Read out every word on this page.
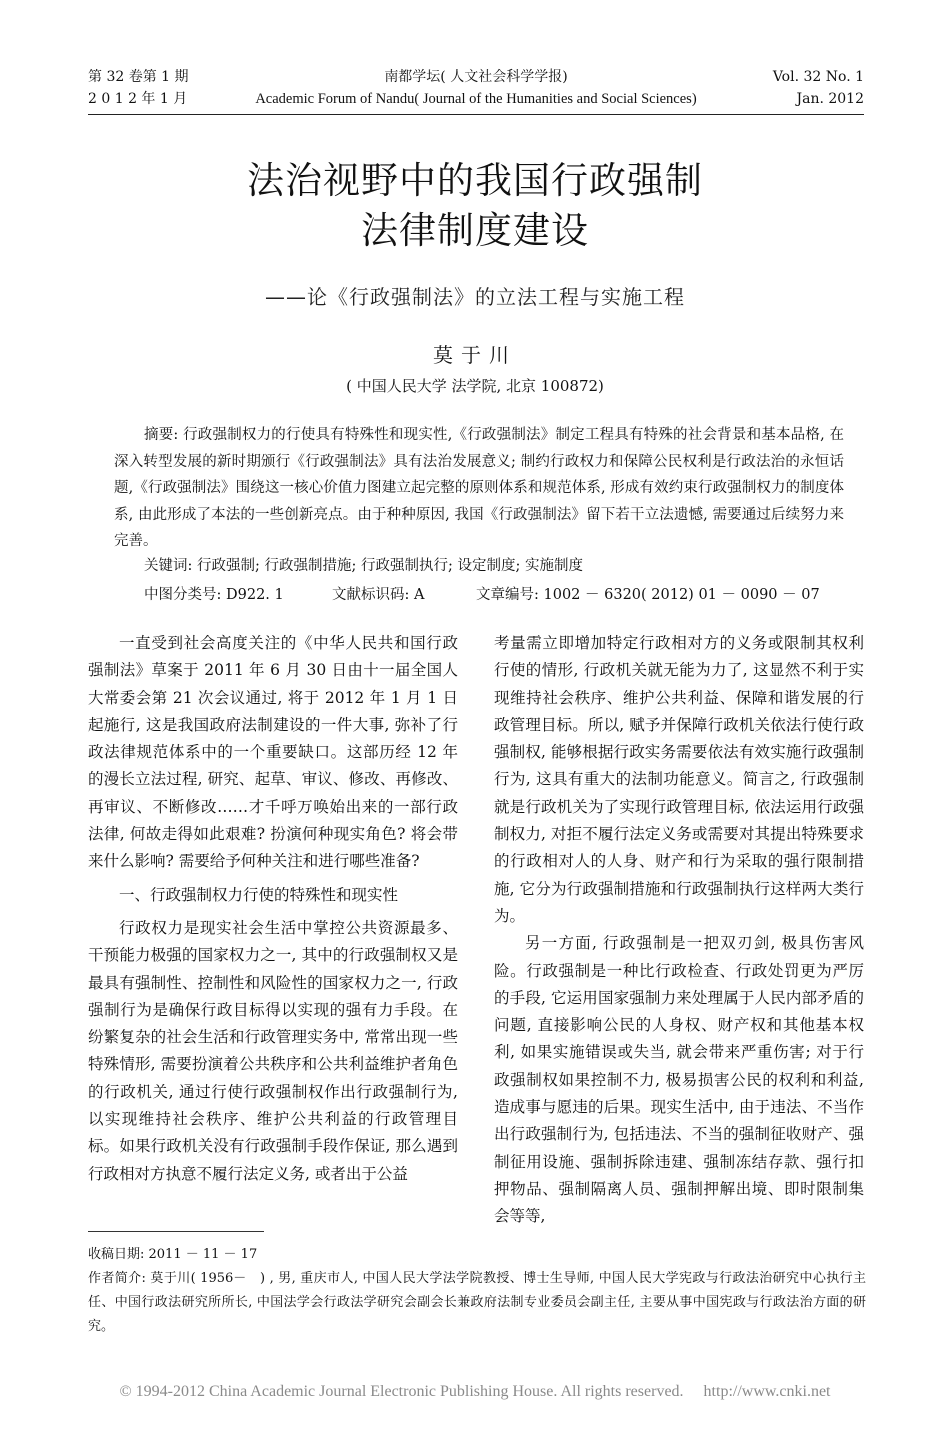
第 32 卷第 1 期	南都学坛( 人文社会科学学报)	Vol. 32 No. 1
2 0 1 2 年 1 月	Academic Forum of Nandu( Journal of the Humanities and Social Sciences)	Jan. 2012
法治视野中的我国行政强制
法律制度建设
——论《行政强制法》的立法工程与实施工程
莫于川
( 中国人民大学 法学院, 北京 100872)
摘要: 行政强制权力的行使具有特殊性和现实性,《行政强制法》制定工程具有特殊的社会背景和基本品格, 在深入转型发展的新时期颁行《行政强制法》具有法治发展意义; 制约行政权力和保障公民权利是行政法治的永恒话题,《行政强制法》围绕这一核心价值力图建立起完整的原则体系和规范体系, 形成有效约束行政强制权力的制度体系, 由此形成了本法的一些创新亮点。由于种种原因, 我国《行政强制法》留下若干立法遗憾, 需要通过后续努力来完善。
关键词: 行政强制; 行政强制措施; 行政强制执行; 设定制度; 实施制度
中图分类号: D922. 1	文献标识码: A	文章编号: 1002 － 6320( 2012) 01 － 0090 － 07

一直受到社会高度关注的《中华人民共和国行政强制法》草案于 2011 年 6 月 30 日由十一届全国人大常委会第 21 次会议通过, 将于 2012 年 1 月 1 日起施行, 这是我国政府法制建设的一件大事, 弥补了行政法律规范体系中的一个重要缺口。这部历经 12 年的漫长立法过程, 研究、起草、审议、修改、再修改、再审议、不断修改……才千呼万唤始出来的一部行政法律, 何故走得如此艰难? 扮演何种现实角色? 将会带来什么影响? 需要给予何种关注和进行哪些准备?

一、行政强制权力行使的特殊性和现实性

行政权力是现实社会生活中掌控公共资源最多、干预能力极强的国家权力之一, 其中的行政强制权又是最具有强制性、控制性和风险性的国家权力之一, 行政强制行为是确保行政目标得以实现的强有力手段。在纷繁复杂的社会生活和行政管理实务中, 常常出现一些特殊情形, 需要扮演着公共秩序和公共利益维护者角色的行政机关, 通过行使行政强制权作出行政强制行为, 以实现维持社会秩序、维护公共利益的行政管理目标。如果行政机关没有行政强制手段作保证, 那么遇到行政相对方执意不履行法定义务, 或者出于公益

考量需立即增加特定行政相对方的义务或限制其权利行使的情形, 行政机关就无能为力了, 这显然不利于实现维持社会秩序、维护公共利益、保障和谐发展的行政管理目标。所以, 赋予并保障行政机关依法行使行政强制权, 能够根据行政实务需要依法有效实施行政强制行为, 这具有重大的法制功能意义。简言之, 行政强制就是行政机关为了实现行政管理目标, 依法运用行政强制权力, 对拒不履行法定义务或需要对其提出特殊要求的行政相对人的人身、财产和行为采取的强行限制措施, 它分为行政强制措施和行政强制执行这样两大类行为。

另一方面, 行政强制是一把双刃剑, 极具伤害风险。行政强制是一种比行政检查、行政处罚更为严厉的手段, 它运用国家强制力来处理属于人民内部矛盾的问题, 直接影响公民的人身权、财产权和其他基本权利, 如果实施错误或失当, 就会带来严重伤害; 对于行政强制权如果控制不力, 极易损害公民的权利和利益, 造成事与愿违的后果。现实生活中, 由于违法、不当作出行政强制行为, 包括违法、不当的强制征收财产、强制征用设施、强制拆除违建、强制冻结存款、强行扣押物品、强制隔离人员、强制押解出境、即时限制集会等等,

收稿日期: 2011 － 11 － 17
作者简介: 莫于川( 1956－　) , 男, 重庆市人, 中国人民大学法学院教授、博士生导师, 中国人民大学宪政与行政法治研究中心执行主任、中国行政法研究所所长, 中国法学会行政法学研究会副会长兼政府法制专业委员会副主任, 主要从事中国宪政与行政法治方面的研究。
© 1994-2012 China Academic Journal Electronic Publishing House. All rights reserved. http://www.cnki.net
